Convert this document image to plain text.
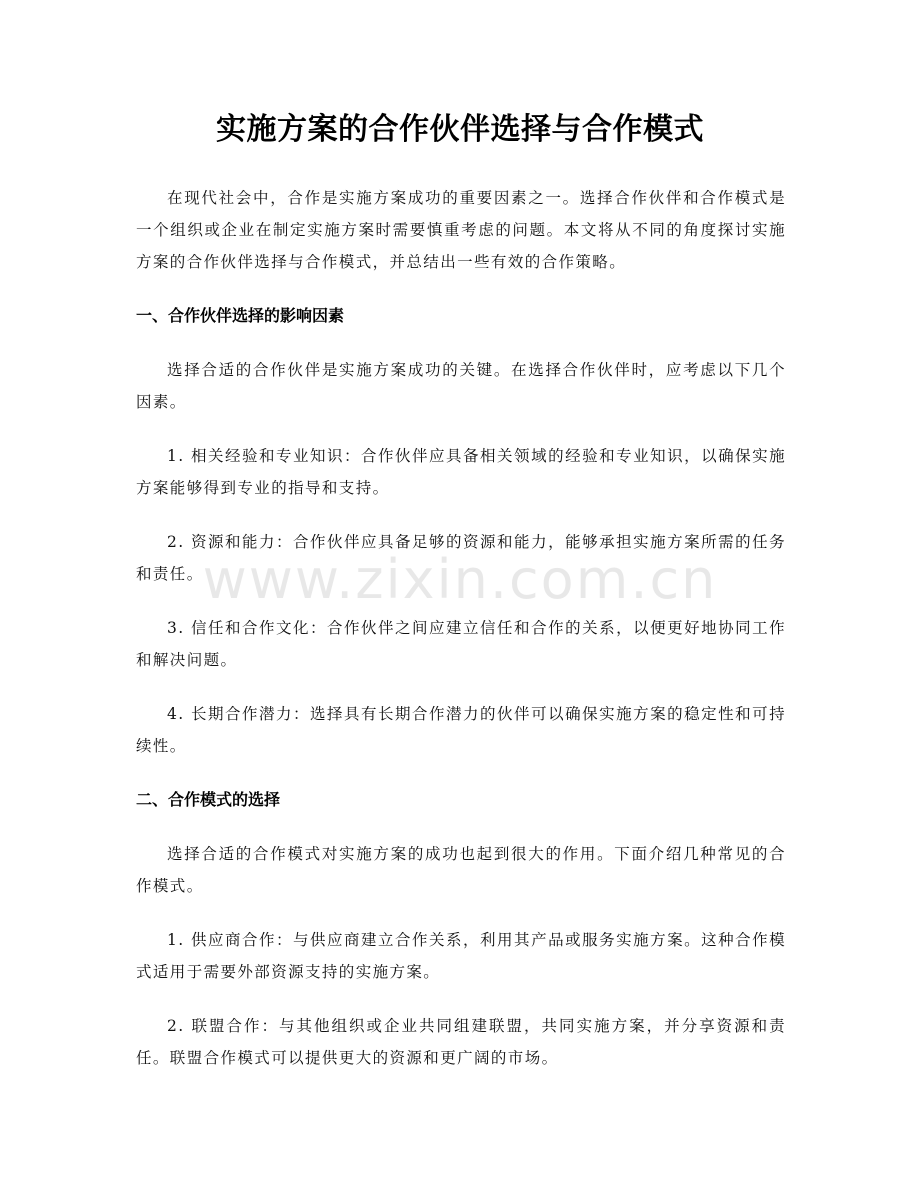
实施方案的合作伙伴选择与合作模式

在现代社会中，合作是实施方案成功的重要因素之一。选择合作伙伴和合作模式是一个组织或企业在制定实施方案时需要慎重考虑的问题。本文将从不同的角度探讨实施方案的合作伙伴选择与合作模式，并总结出一些有效的合作策略。

一、合作伙伴选择的影响因素

选择合适的合作伙伴是实施方案成功的关键。在选择合作伙伴时，应考虑以下几个因素。

1. 相关经验和专业知识：合作伙伴应具备相关领域的经验和专业知识，以确保实施方案能够得到专业的指导和支持。

2. 资源和能力：合作伙伴应具备足够的资源和能力，能够承担实施方案所需的任务和责任。

3. 信任和合作文化：合作伙伴之间应建立信任和合作的关系，以便更好地协同工作和解决问题。

4. 长期合作潜力：选择具有长期合作潜力的伙伴可以确保实施方案的稳定性和可持续性。

二、合作模式的选择

选择合适的合作模式对实施方案的成功也起到很大的作用。下面介绍几种常见的合作模式。

1. 供应商合作：与供应商建立合作关系，利用其产品或服务实施方案。这种合作模式适用于需要外部资源支持的实施方案。

2. 联盟合作：与其他组织或企业共同组建联盟，共同实施方案，并分享资源和责任。联盟合作模式可以提供更大的资源和更广阔的市场。

www.zixin.com.cn
